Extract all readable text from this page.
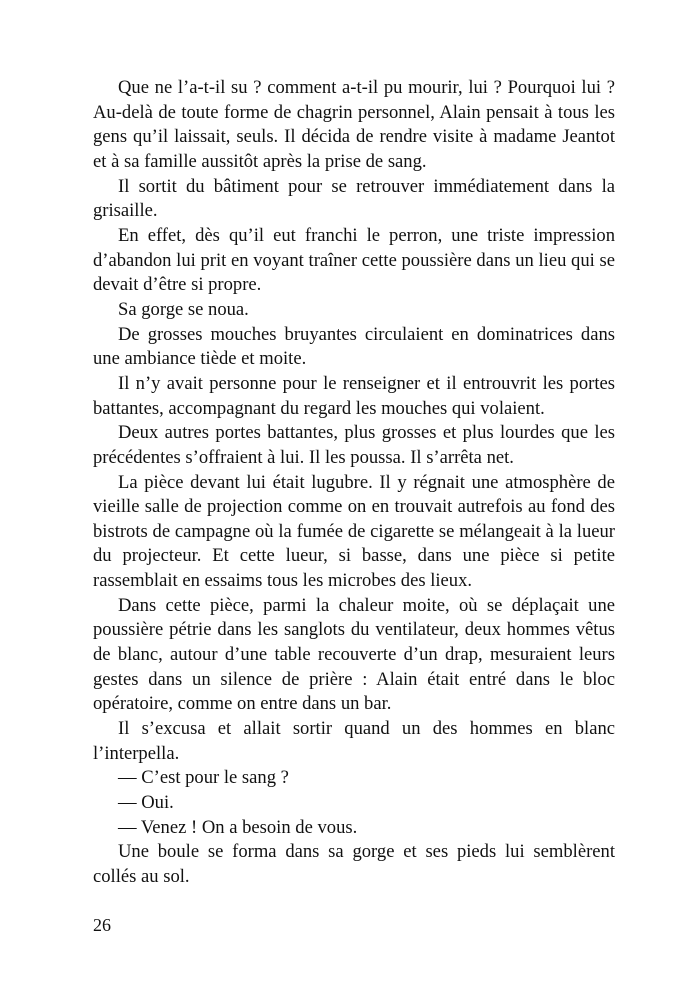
Que ne l’a-t-il su ? comment a-t-il pu mourir, lui ? Pourquoi lui ? Au-delà de toute forme de chagrin personnel, Alain pensait à tous les gens qu’il laissait, seuls. Il décida de rendre visite à madame Jeantot et à sa famille aussitôt après la prise de sang.

Il sortit du bâtiment pour se retrouver immédiatement dans la grisaille.

En effet, dès qu’il eut franchi le perron, une triste impression d’abandon lui prit en voyant traîner cette poussière dans un lieu qui se devait d’être si propre.

Sa gorge se noua.

De grosses mouches bruyantes circulaient en dominatrices dans une ambiance tiède et moite.

Il n’y avait personne pour le renseigner et il entrouvrit les portes battantes, accompagnant du regard les mouches qui volaient.

Deux autres portes battantes, plus grosses et plus lourdes que les précédentes s’offraient à lui. Il les poussa. Il s’arrêta net.

La pièce devant lui était lugubre. Il y régnait une atmosphère de vieille salle de projection comme on en trouvait autrefois au fond des bistrots de campagne où la fumée de cigarette se mélangeait à la lueur du projecteur. Et cette lueur, si basse, dans une pièce si petite rassemblait en essaims tous les microbes des lieux.

Dans cette pièce, parmi la chaleur moite, où se déplaçait une poussière pétrie dans les sanglots du ventilateur, deux hommes vêtus de blanc, autour d’une table recouverte d’un drap, mesuraient leurs gestes dans un silence de prière : Alain était entré dans le bloc opératoire, comme on entre dans un bar.

Il s’excusa et allait sortir quand un des hommes en blanc l’interpella.

— C’est pour le sang ?

— Oui.

— Venez ! On a besoin de vous.

Une boule se forma dans sa gorge et ses pieds lui semblèrent collés au sol.

26
